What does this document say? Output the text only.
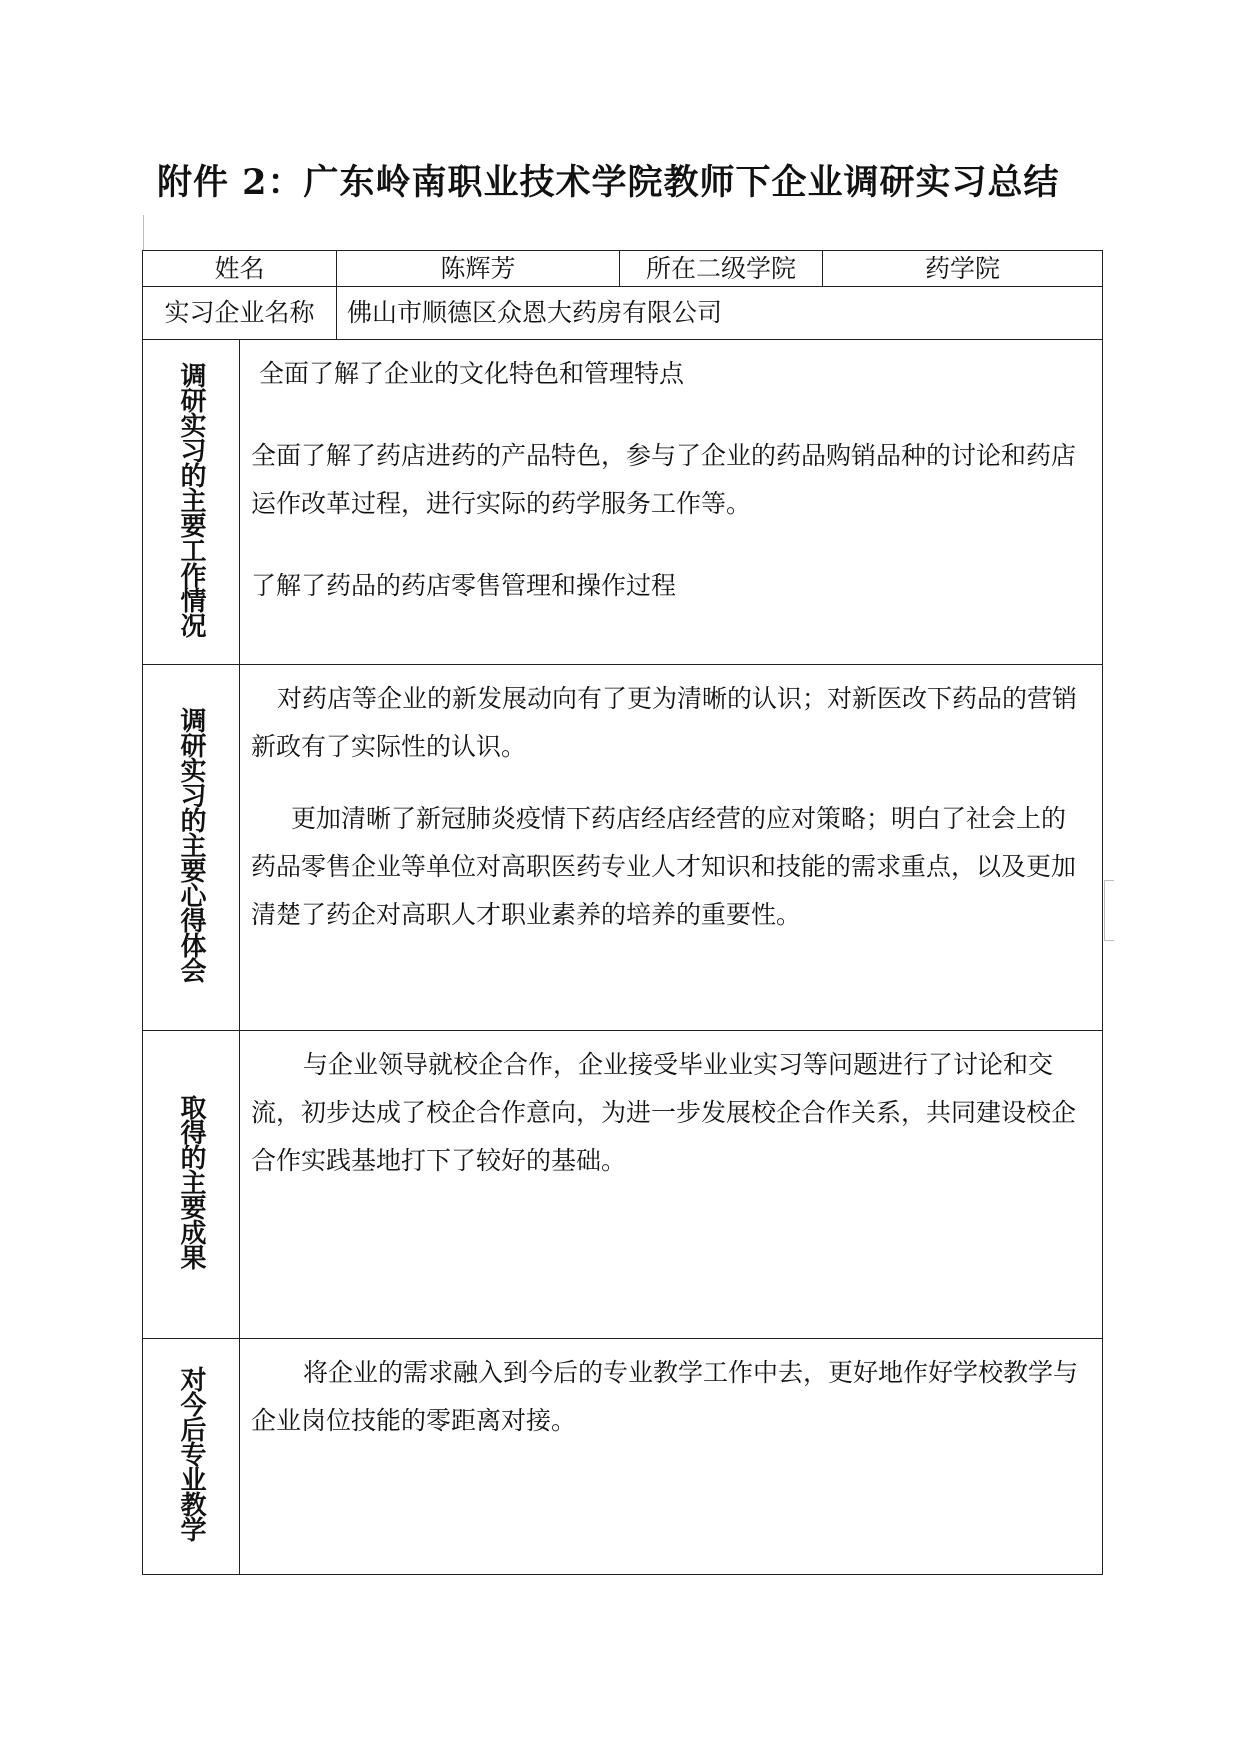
附件 2：广东岭南职业技术学院教师下企业调研实习总结
姓名		陈辉芳	所在二级学院	药学院
实习企业名称		佛山市顺德区众恩大药房有限公司		
调研实习的主要工作情况	全面了解了企业的文化特色和管理特点

全面了解了药店进药的产品特色，参与了企业的药品购销品种的讨论和药店运作改革过程，进行实际的药学服务工作等。

了解了药品的药店零售管理和操作过程			

调研实习的主要心得体会	对药店等企业的新发展动向有了更为清晰的认识；对新医改下药品的营销新政有了实际性的认识。

更加清晰了新冠肺炎疫情下药店经店经营的应对策略；明白了社会上的药品零售企业等单位对高职医药专业人才知识和技能的需求重点，以及更加清楚了药企对高职人才职业素养的培养的重要性。			

取得的主要成果	与企业领导就校企合作，企业接受毕业业实习等问题进行了讨论和交流，初步达成了校企合作意向，为进一步发展校企合作关系，共同建设校企合作实践基地打下了较好的基础。			

对今后专业教学	将企业的需求融入到今后的专业教学工作中去，更好地作好学校教学与企业岗位技能的零距离对接。			
